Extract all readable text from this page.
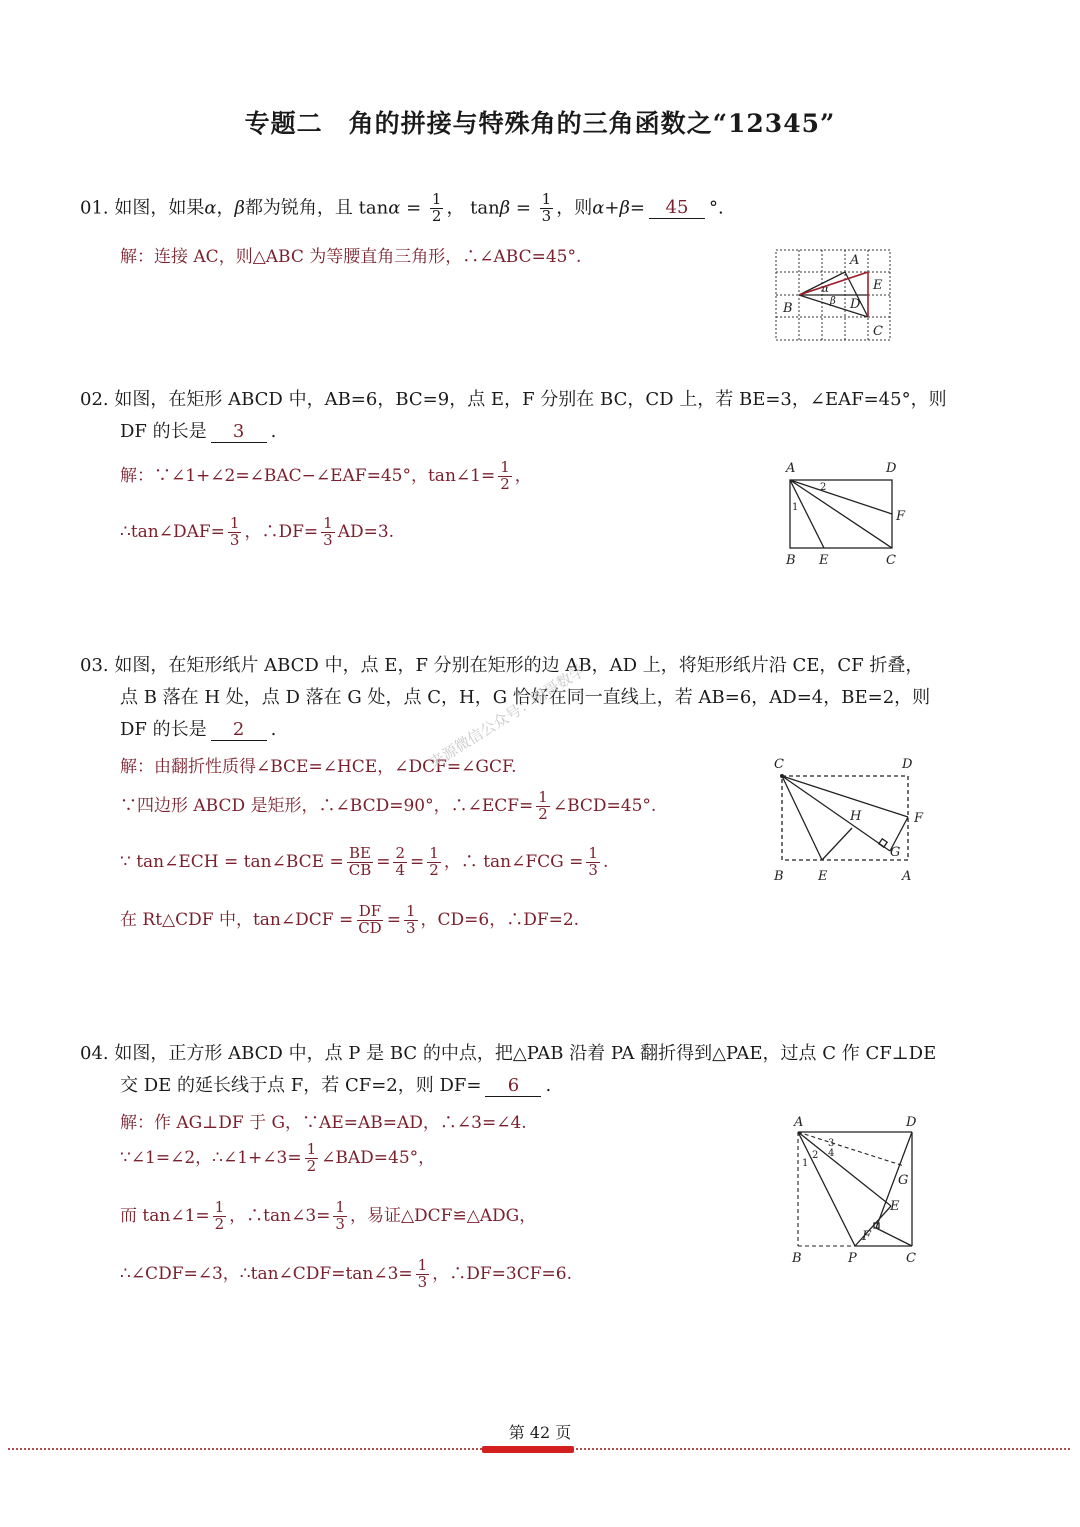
专题二　角的拼接与特殊角的三角函数之“12345”
01. 如图，如果α，β都为锐角，且 $\tan\alpha = \frac{1}{2}$ ， $\tan\beta = \frac{1}{3}$ ，则α+β= 45 °.
解：连接 AC，则△ABC 为等腰直角三角形，∴∠ABC=45°.	A
B
C
D
E
α
β
02. 如图，在矩形 ABCD 中，AB=6，BC=9，点 E，F 分别在 BC，CD 上，若 BE=3，∠EAF=45°，则
DF 的长是 3 .
解：∵∠1+∠2=∠BAC−∠EAF=45°，tan∠1= $\frac{1}{2}$ ，
∴tan∠DAF= $\frac{1}{3}$ ，∴DF= $\frac{1}{3} AD=3$.
A	D
B E	C
F
1
2
03. 如图，在矩形纸片 ABCD 中，点 E，F 分别在矩形的边 AB，AD 上，将矩形纸片沿 CE，CF 折叠，
点 B 落在 H 处，点 D 落在 G 处，点 C，H，G 恰好在同一直线上，若 AB=6，AD=4，BE=2，则
DF 的长是 2 .
解：由翻折性质得∠BCE=∠HCE，∠DCF=∠GCF.
∵四边形 ABCD 是矩形，∴∠BCD=90°，∴∠ECF= $\frac{1}{2}$ ∠BCD=45°.
∵ tan∠ECH = tan∠BCE = $\frac{BE}{CB} = \frac{2}{4} = \frac{1}{2}$ ，∴ tan∠FCG = $\frac{1}{3}$ .
在 Rt△CDF 中，tan∠DCF = $\frac{DF}{CD} = \frac{1}{3}$ ，CD=6，∴DF=2.
C	D
B	E	A
F
G
H
来源微信公众号：明哥数学
04. 如图，正方形 ABCD 中，点 P 是 BC 的中点，把△PAB 沿着 PA 翻折得到△PAE，过点 C 作 CF⊥DE
交 DE 的延长线于点 F，若 CF=2，则 DF= 6 .
解：作 AG⊥DF 于 G，∵AE=AB=AD，∴∠3=∠4.
∵∠1=∠2，∴∠1+∠3= $\frac{1}{2}$ ∠BAD=45°，
而 tan∠1= $\frac{1}{2}$ ，∴tan∠3= $\frac{1}{3}$ ，易证△DCF≌△ADG，
∴∠CDF=∠3，∴tan∠CDF=tan∠3= $\frac{1}{3}$ ，∴DF=3CF=6.
A	D
B	P	C
E
F
G
1
2
3
4
第 42 页
